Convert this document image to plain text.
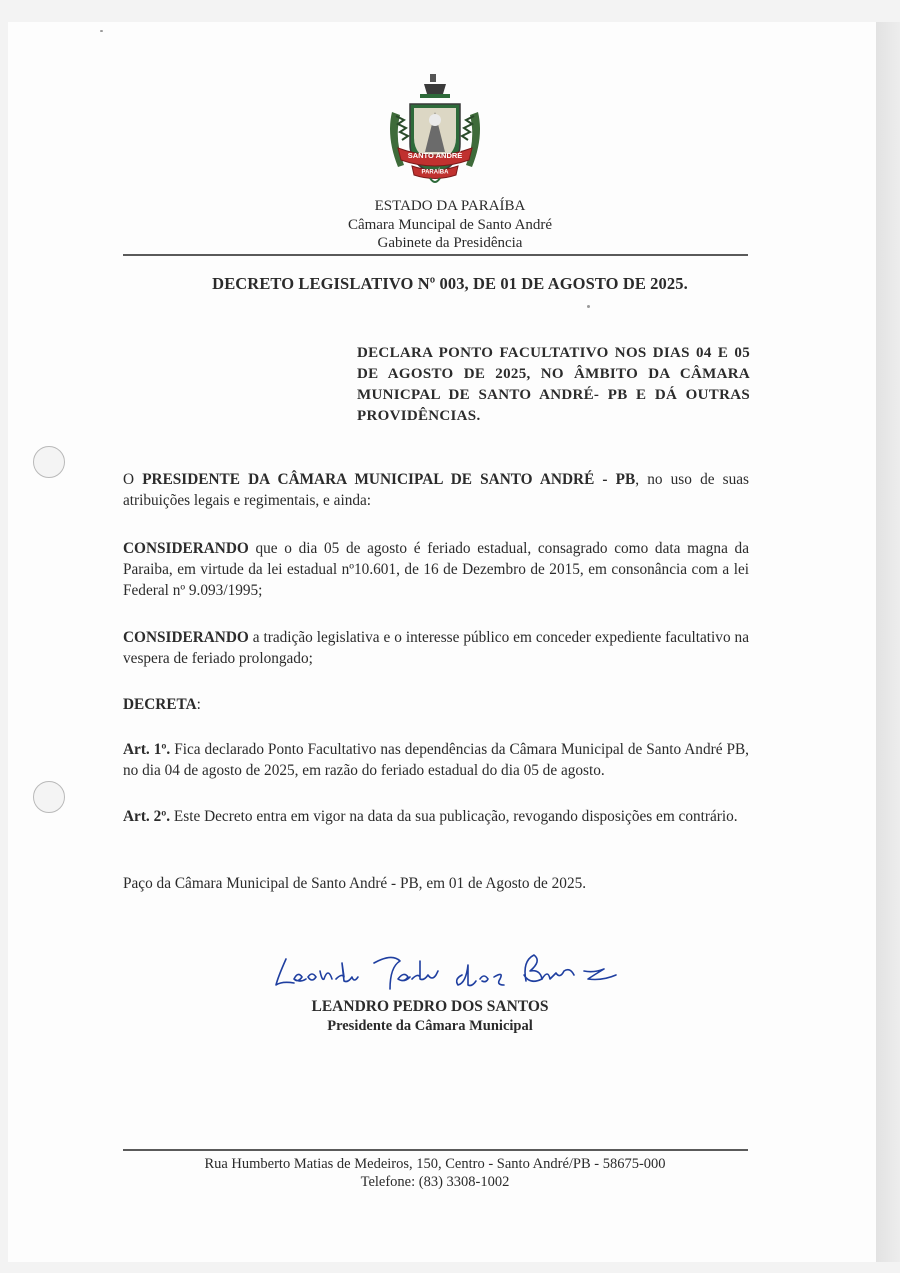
SANTO ANDRÉ
PARAÍBA
ESTADO DA PARAÍBA
Câmara Muncipal de Santo André
Gabinete da Presidência
DECRETO LEGISLATIVO Nº 003, DE 01 DE AGOSTO DE 2025.
DECLARA PONTO FACULTATIVO NOS DIAS 04 E 05 DE AGOSTO DE 2025, NO ÂMBITO DA CÂMARA MUNICPAL DE SANTO ANDRÉ- PB E DÁ OUTRAS PROVIDÊNCIAS.
O PRESIDENTE DA CÂMARA MUNICIPAL DE SANTO ANDRÉ - PB, no uso de suas atribuições legais e regimentais, e ainda:
CONSIDERANDO que o dia 05 de agosto é feriado estadual, consagrado como data magna da Paraiba, em virtude da lei estadual nº10.601, de 16 de Dezembro de 2015, em consonância com a lei Federal nº 9.093/1995;
CONSIDERANDO a tradição legislativa e o interesse público em conceder expediente facultativo na vespera de feriado prolongado;
DECRETA:
Art. 1º. Fica declarado Ponto Facultativo nas dependências da Câmara Municipal de Santo André PB, no dia 04 de agosto de 2025, em razão do feriado estadual do dia 05 de agosto.
Art. 2º. Este Decreto entra em vigor na data da sua publicação, revogando disposições em contrário.
Paço da Câmara Municipal de Santo André - PB, em 01 de Agosto de 2025.
LEANDRO PEDRO DOS SANTOS
Presidente da Câmara Municipal
Rua Humberto Matias de Medeiros, 150, Centro - Santo André/PB - 58675-000
Telefone: (83) 3308-1002
